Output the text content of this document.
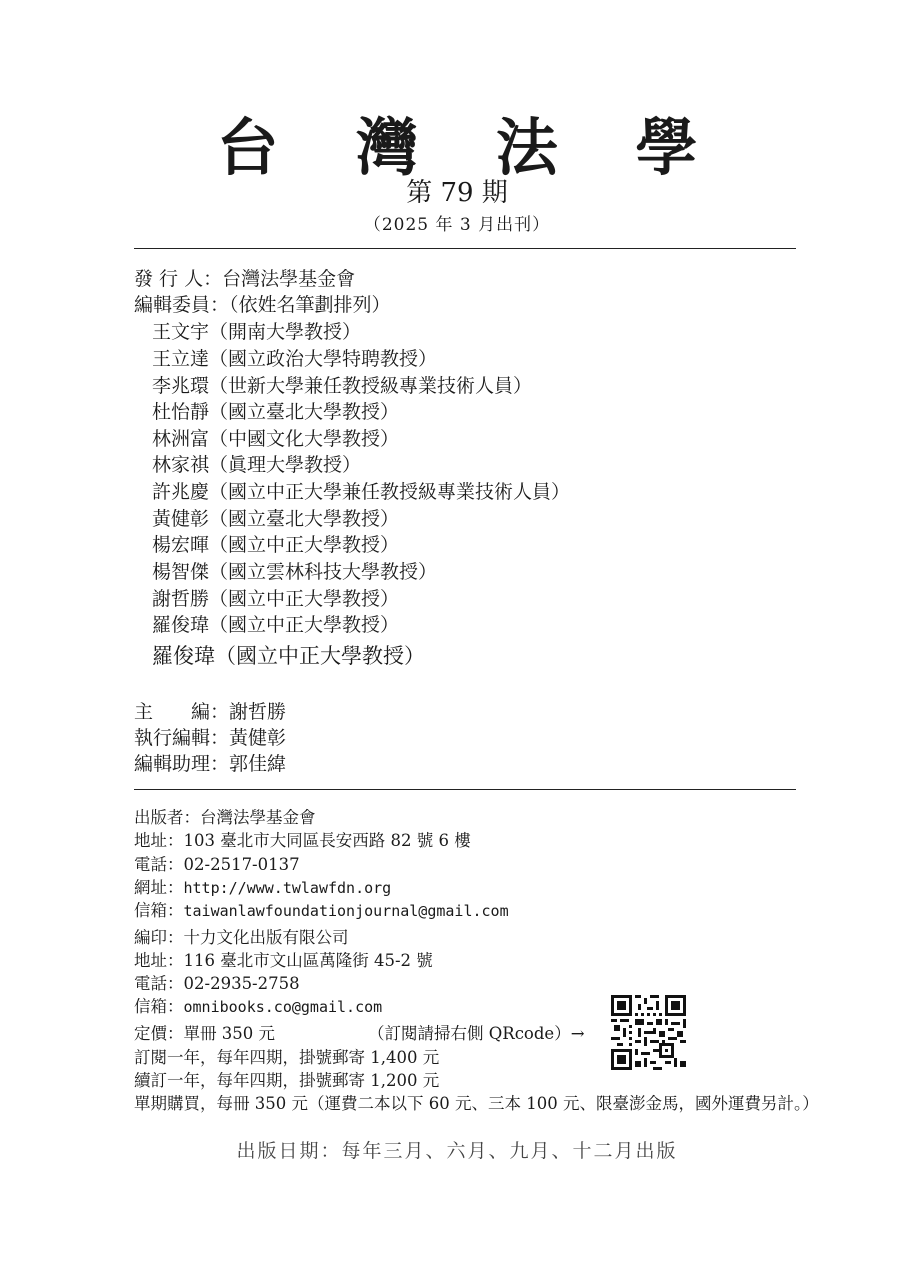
台 灣 法 學
第 79 期
（2025 年 3 月出刊）
發 行 人：台灣法學基金會
編輯委員：（依姓名筆劃排列）
王文宇（開南大學教授）
王立達（國立政治大學特聘教授）
李兆環（世新大學兼任教授級專業技術人員）
杜怡靜（國立臺北大學教授）
林洲富（中國文化大學教授）
林家祺（眞理大學教授）
許兆慶（國立中正大學兼任教授級專業技術人員）
黃健彰（國立臺北大學教授）
楊宏暉（國立中正大學教授）
楊智傑（國立雲林科技大學教授）
謝哲勝（國立中正大學教授）
羅俊瑋（國立中正大學教授）
羅俊瑋（國立中正大學教授）
主　　編：謝哲勝
執行編輯：黃健彰
編輯助理：郭佳緯
出版者：台灣法學基金會
地址：103 臺北市大同區長安西路 82 號 6 樓
電話：02-2517-0137
網址：http://www.twlawfdn.org
信箱：taiwanlawfoundationjournal@gmail.com
編印：十力文化出版有限公司
地址：116 臺北市文山區萬隆街 45-2 號
電話：02-2935-2758
信箱：omnibooks.co@gmail.com
定價：單冊 350 元	（訂閱請掃右側 QRcode）→
訂閱一年，每年四期，掛號郵寄 1,400 元
續訂一年，每年四期，掛號郵寄 1,200 元
單期購買，每冊 350 元（運費二本以下 60 元、三本 100 元、限臺澎金馬，國外運費另計。）
出版日期：每年三月、六月、九月、十二月出版
